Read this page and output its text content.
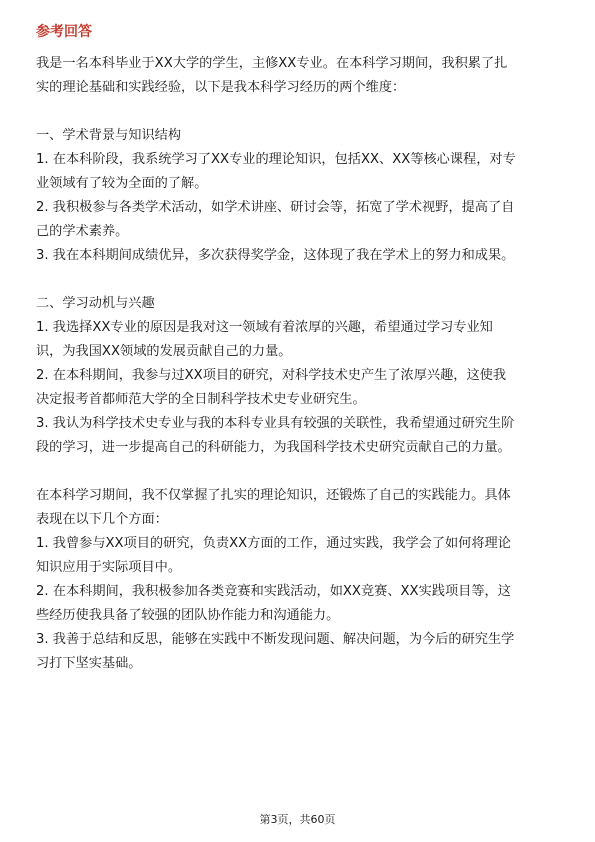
参考回答
我是一名本科毕业于XX大学的学生，主修XX专业。在本科学习期间，我积累了扎
实的理论基础和实践经验，以下是我本科学习经历的两个维度：
一、学术背景与知识结构
1. 在本科阶段，我系统学习了XX专业的理论知识，包括XX、XX等核心课程，对专
业领域有了较为全面的了解。
2. 我积极参与各类学术活动，如学术讲座、研讨会等，拓宽了学术视野，提高了自
己的学术素养。
3. 我在本科期间成绩优异，多次获得奖学金，这体现了我在学术上的努力和成果。
二、学习动机与兴趣
1. 我选择XX专业的原因是我对这一领域有着浓厚的兴趣，希望通过学习专业知
识，为我国XX领域的发展贡献自己的力量。
2. 在本科期间，我参与过XX项目的研究，对科学技术史产生了浓厚兴趣，这使我
决定报考首都师范大学的全日制科学技术史专业研究生。
3. 我认为科学技术史专业与我的本科专业具有较强的关联性，我希望通过研究生阶
段的学习，进一步提高自己的科研能力，为我国科学技术史研究贡献自己的力量。
在本科学习期间，我不仅掌握了扎实的理论知识，还锻炼了自己的实践能力。具体
表现在以下几个方面：
1. 我曾参与XX项目的研究，负责XX方面的工作，通过实践，我学会了如何将理论
知识应用于实际项目中。
2. 在本科期间，我积极参加各类竞赛和实践活动，如XX竞赛、XX实践项目等，这
些经历使我具备了较强的团队协作能力和沟通能力。
3. 我善于总结和反思，能够在实践中不断发现问题、解决问题，为今后的研究生学
习打下坚实基础。
第3页，共60页
